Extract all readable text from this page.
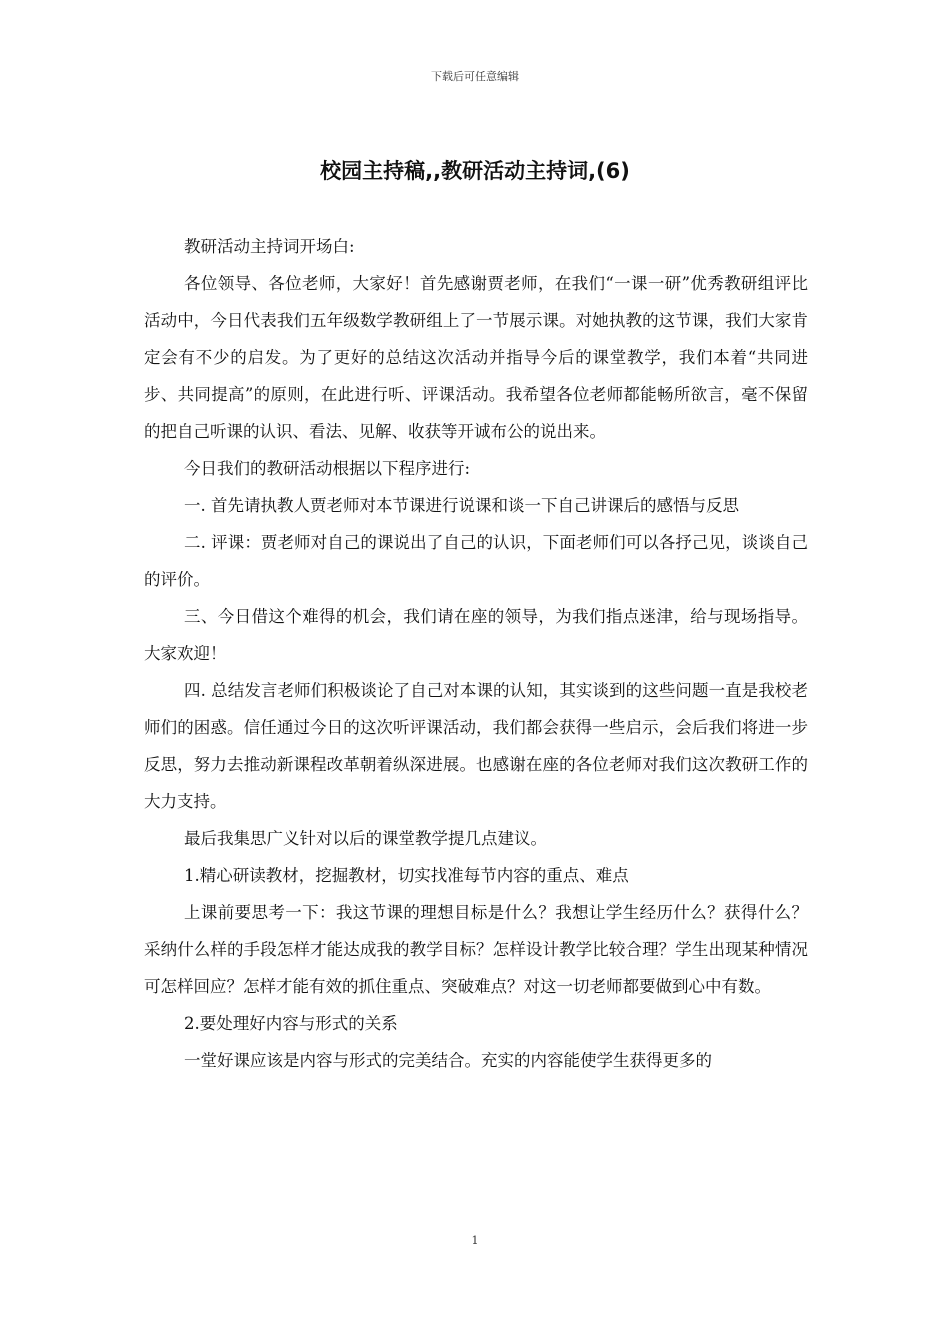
下载后可任意编辑
校园主持稿,,教研活动主持词,(6)

教研活动主持词开场白:

各位领导、各位老师，大家好！首先感谢贾老师，在我们“一课一研”优秀教研组评比活动中，今日代表我们五年级数学教研组上了一节展示课。对她执教的这节课，我们大家肯定会有不少的启发。为了更好的总结这次活动并指导今后的课堂教学，我们本着“共同进步、共同提高”的原则，在此进行听、评课活动。我希望各位老师都能畅所欲言，毫不保留的把自己听课的认识、看法、见解、收获等开诚布公的说出来。

今日我们的教研活动根据以下程序进行:

一. 首先请执教人贾老师对本节课进行说课和谈一下自己讲课后的感悟与反思

二. 评课：贾老师对自己的课说出了自己的认识，下面老师们可以各抒己见，谈谈自己的评价。

三、今日借这个难得的机会，我们请在座的领导，为我们指点迷津，给与现场指导。大家欢迎！

四. 总结发言老师们积极谈论了自己对本课的认知，其实谈到的这些问题一直是我校老师们的困惑。信任通过今日的这次听评课活动，我们都会获得一些启示，会后我们将进一步反思，努力去推动新课程改革朝着纵深进展。也感谢在座的各位老师对我们这次教研工作的大力支持。

最后我集思广义针对以后的课堂教学提几点建议。

1.精心研读教材，挖掘教材，切实找准每节内容的重点、难点

上课前要思考一下：我这节课的理想目标是什么？我想让学生经历什么？获得什么？采纳什么样的手段怎样才能达成我的教学目标？怎样设计教学比较合理？学生出现某种情况可怎样回应？怎样才能有效的抓住重点、突破难点？对这一切老师都要做到心中有数。

2.要处理好内容与形式的关系

一堂好课应该是内容与形式的完美结合。充实的内容能使学生获得更多的

1
